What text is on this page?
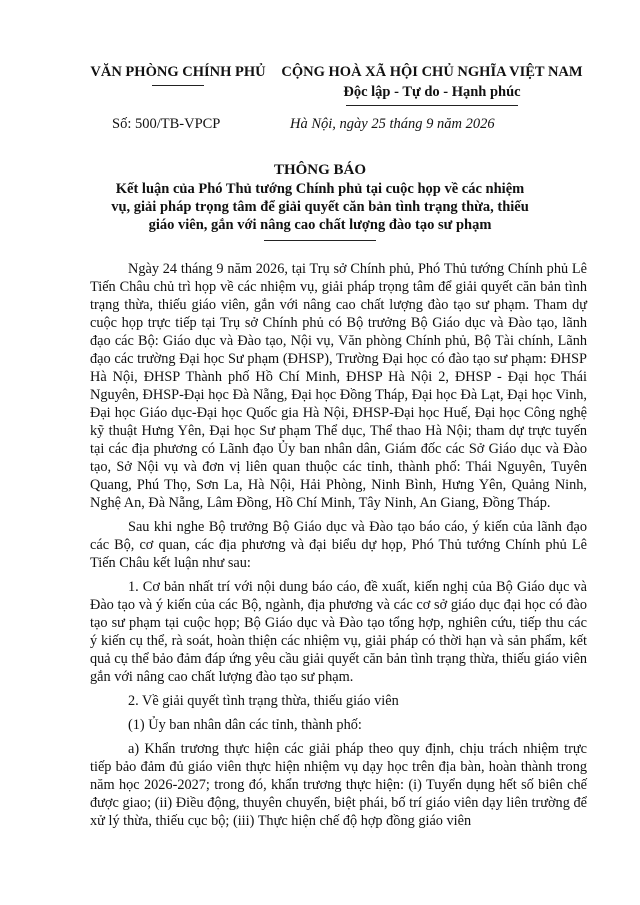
VĂN PHÒNG CHÍNH PHỦ	CỘNG HOÀ XÃ HỘI CHỦ NGHĨA VIỆT NAM
Độc lập - Tự do - Hạnh phúc
Số: 500/TB-VPCP	Hà Nội, ngày 25 tháng 9 năm 2026
THÔNG BÁO
Kết luận của Phó Thủ tướng Chính phủ tại cuộc họp về các nhiệm vụ, giải pháp trọng tâm để giải quyết căn bản tình trạng thừa, thiếu giáo viên, gắn với nâng cao chất lượng đào tạo sư phạm

Ngày 24 tháng 9 năm 2026, tại Trụ sở Chính phủ, Phó Thủ tướng Chính phủ Lê Tiến Châu chủ trì họp về các nhiệm vụ, giải pháp trọng tâm để giải quyết căn bản tình trạng thừa, thiếu giáo viên, gắn với nâng cao chất lượng đào tạo sư phạm. Tham dự cuộc họp trực tiếp tại Trụ sở Chính phủ có Bộ trưởng Bộ Giáo dục và Đào tạo, lãnh đạo các Bộ: Giáo dục và Đào tạo, Nội vụ, Văn phòng Chính phủ, Bộ Tài chính, Lãnh đạo các trường Đại học Sư phạm (ĐHSP), Trường Đại học có đào tạo sư phạm: ĐHSP Hà Nội, ĐHSP Thành phố Hồ Chí Minh, ĐHSP Hà Nội 2, ĐHSP - Đại học Thái Nguyên, ĐHSP-Đại học Đà Nẵng, Đại học Đồng Tháp, Đại học Đà Lạt, Đại học Vinh, Đại học Giáo dục-Đại học Quốc gia Hà Nội, ĐHSP-Đại học Huế, Đại học Công nghệ kỹ thuật Hưng Yên, Đại học Sư phạm Thể dục, Thể thao Hà Nội; tham dự trực tuyến tại các địa phương có Lãnh đạo Ủy ban nhân dân, Giám đốc các Sở Giáo dục và Đào tạo, Sở Nội vụ và đơn vị liên quan thuộc các tỉnh, thành phố: Thái Nguyên, Tuyên Quang, Phú Thọ, Sơn La, Hà Nội, Hải Phòng, Ninh Bình, Hưng Yên, Quảng Ninh, Nghệ An, Đà Nẵng, Lâm Đồng, Hồ Chí Minh, Tây Ninh, An Giang, Đồng Tháp.

Sau khi nghe Bộ trưởng Bộ Giáo dục và Đào tạo báo cáo, ý kiến của lãnh đạo các Bộ, cơ quan, các địa phương và đại biểu dự họp, Phó Thủ tướng Chính phủ Lê Tiến Châu kết luận như sau:

1. Cơ bản nhất trí với nội dung báo cáo, đề xuất, kiến nghị của Bộ Giáo dục và Đào tạo và ý kiến của các Bộ, ngành, địa phương và các cơ sở giáo dục đại học có đào tạo sư phạm tại cuộc họp; Bộ Giáo dục và Đào tạo tổng hợp, nghiên cứu, tiếp thu các ý kiến cụ thể, rà soát, hoàn thiện các nhiệm vụ, giải pháp có thời hạn và sản phẩm, kết quả cụ thể bảo đảm đáp ứng yêu cầu giải quyết căn bản tình trạng thừa, thiếu giáo viên gắn với nâng cao chất lượng đào tạo sư phạm.

2. Về giải quyết tình trạng thừa, thiếu giáo viên

(1) Ủy ban nhân dân các tỉnh, thành phố:

a) Khẩn trương thực hiện các giải pháp theo quy định, chịu trách nhiệm trực tiếp bảo đảm đủ giáo viên thực hiện nhiệm vụ dạy học trên địa bàn, hoàn thành trong năm học 2026-2027; trong đó, khẩn trương thực hiện: (i) Tuyển dụng hết số biên chế được giao; (ii) Điều động, thuyên chuyển, biệt phái, bố trí giáo viên dạy liên trường để xử lý thừa, thiếu cục bộ; (iii) Thực hiện chế độ hợp đồng giáo viên
